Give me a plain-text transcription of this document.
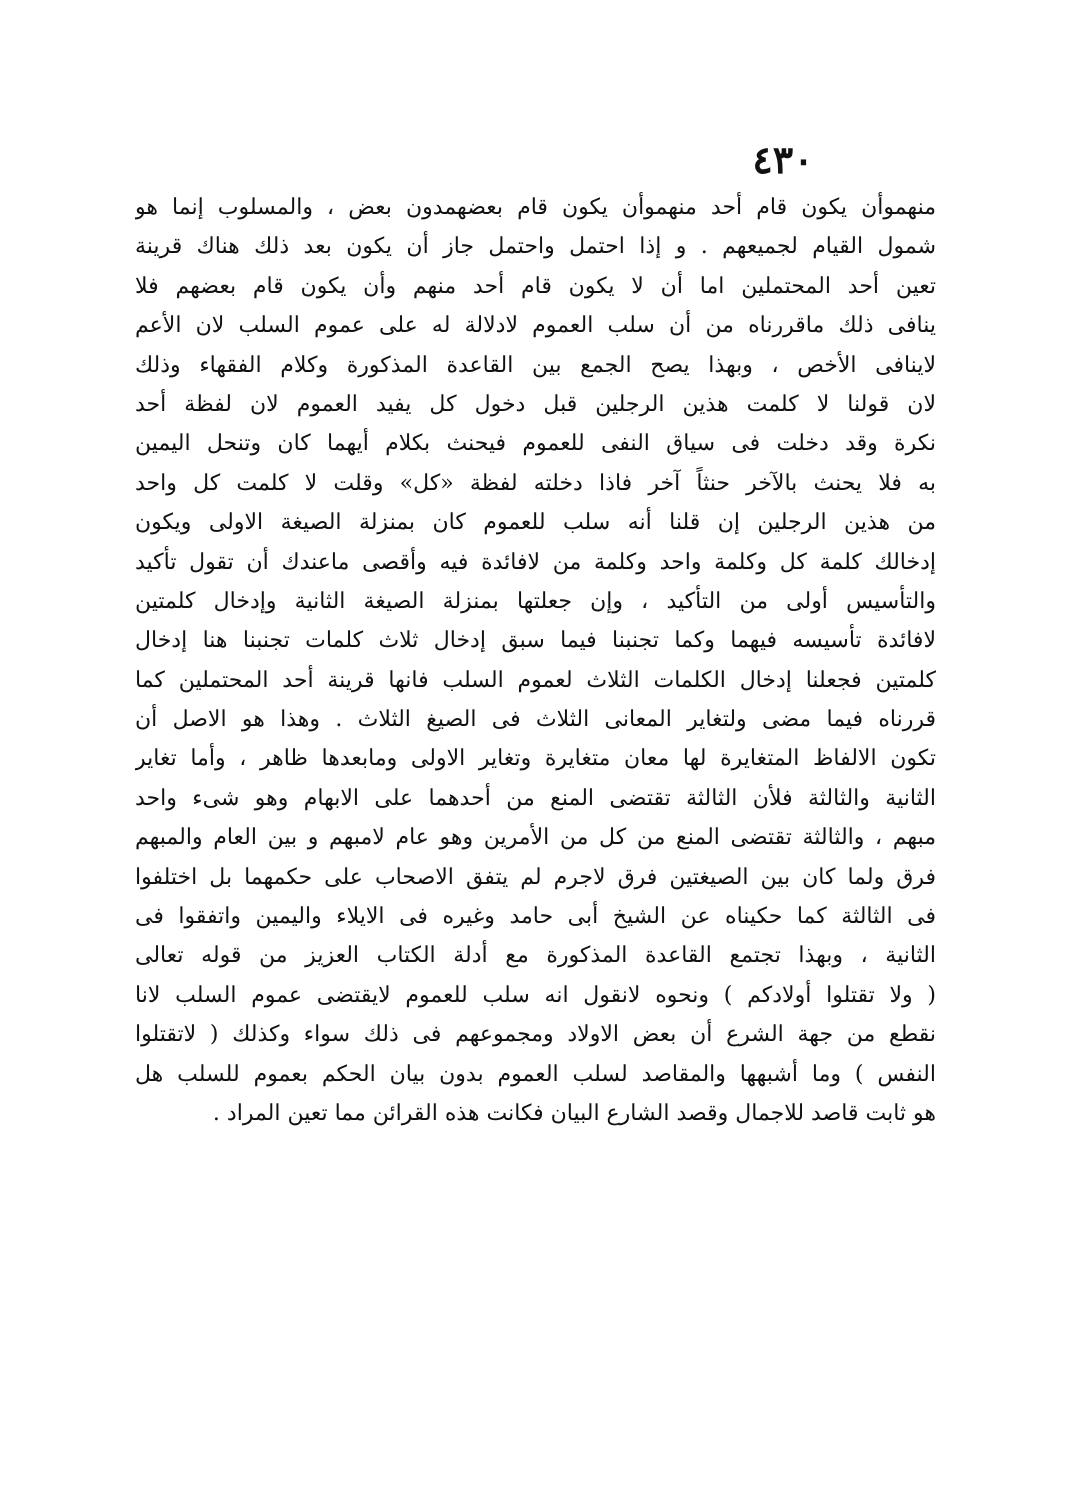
٤٣٠
منهموأن يكون قام أحد منهموأن يكون قام بعضهمدون بعض ، والمسلوب إنما هو
شمول القيام لجميعهم . و إذا احتمل واحتمل جاز أن يكون بعد ذلك هناك قرينة
تعين أحد المحتملين اما أن لا يكون قام أحد منهم وأن يكون قام بعضهم فلا
ينافى ذلك ماقررناه من أن سلب العموم لادلالة له على عموم السلب لان الأعم
لاينافى الأخص ، وبهذا يصح الجمع بين القاعدة المذكورة وكلام الفقهاء وذلك
لان قولنا لا كلمت هذين الرجلين قبل دخول كل يفيد العموم لان لفظة أحد
نكرة وقد دخلت فى سياق النفى للعموم فيحنث بكلام أيهما كان وتنحل اليمين
به فلا يحنث بالآخر حنثاً آخر فاذا دخلته لفظة «كل» وقلت لا كلمت كل واحد
من هذين الرجلين إن قلنا أنه سلب للعموم كان بمنزلة الصيغة الاولى ويكون
إدخالك كلمة كل وكلمة واحد وكلمة من لافائدة فيه وأقصى ماعندك أن تقول تأكيد
والتأسيس أولى من التأكيد ، وإن جعلتها بمنزلة الصيغة الثانية وإدخال كلمتين
لافائدة تأسيسه فيهما وكما تجنبنا فيما سبق إدخال ثلاث كلمات تجنبنا هنا إدخال
كلمتين فجعلنا إدخال الكلمات الثلاث لعموم السلب فانها قرينة أحد المحتملين كما
قررناه فيما مضى ولتغاير المعانى الثلاث فى الصيغ الثلاث . وهذا هو الاصل أن
تكون الالفاظ المتغايرة لها معان متغايرة وتغاير الاولى ومابعدها ظاهر ، وأما تغاير
الثانية والثالثة فلأن الثالثة تقتضى المنع من أحدهما على الابهام وهو شىء واحد
مبهم ، والثالثة تقتضى المنع من كل من الأمرين وهو عام لامبهم و بين العام والمبهم
فرق ولما كان بين الصيغتين فرق لاجرم لم يتفق الاصحاب على حكمهما بل اختلفوا
فى الثالثة كما حكيناه عن الشيخ أبى حامد وغيره فى الايلاء واليمين واتفقوا فى
الثانية ، وبهذا تجتمع القاعدة المذكورة مع أدلة الكتاب العزيز من قوله تعالى
( ولا تقتلوا أولادكم ) ونحوه لانقول انه سلب للعموم لايقتضى عموم السلب لانا
نقطع من جهة الشرع أن بعض الاولاد ومجموعهم فى ذلك سواء وكذلك ( لاتقتلوا
النفس ) وما أشبهها والمقاصد لسلب العموم بدون بيان الحكم بعموم للسلب هل
هو ثابت قاصد للاجمال وقصد الشارع البيان فكانت هذه القرائن مما تعين المراد .
